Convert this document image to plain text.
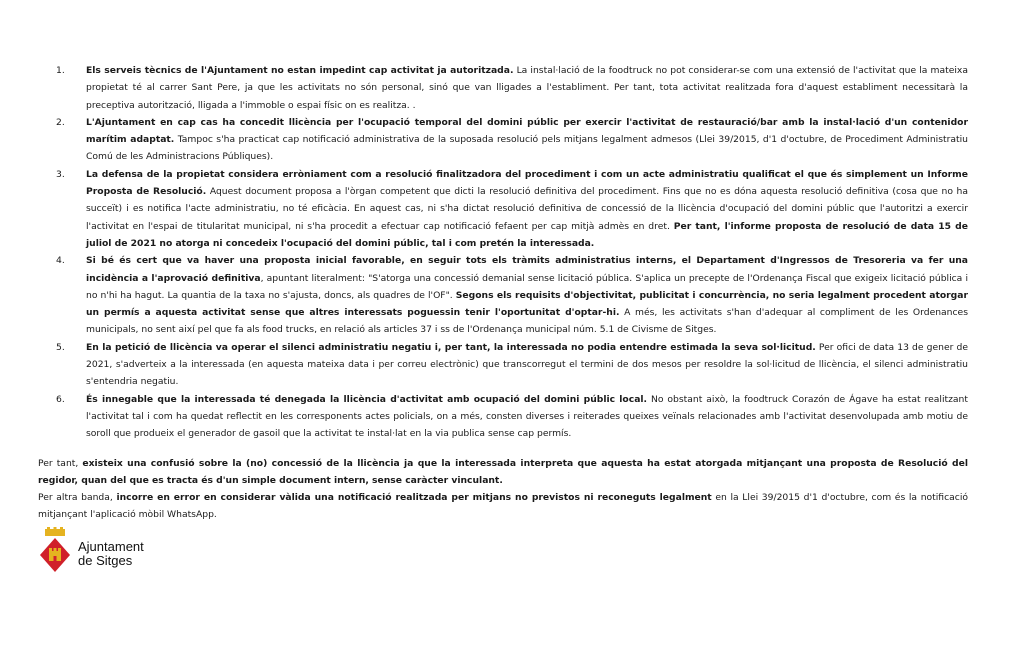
1. Els serveis tècnics de l'Ajuntament no estan impedint cap activitat ja autoritzada. La instal·lació de la foodtruck no pot considerar-se com una extensió de l'activitat que la mateixa propietat té al carrer Sant Pere, ja que les activitats no són personal, sinó que van lligades a l'establiment. Per tant, tota activitat realitzada fora d'aquest establiment necessitarà la preceptiva autorització, lligada a l'immoble o espai físic on es realitza. .
2. L'Ajuntament en cap cas ha concedit llicència per l'ocupació temporal del domini públic per exercir l'activitat de restauració/bar amb la instal·lació d'un contenidor marítim adaptat. Tampoc s'ha practicat cap notificació administrativa de la suposada resolució pels mitjans legalment admesos (Llei 39/2015, d'1 d'octubre, de Procediment Administratiu Comú de les Administracions Públiques).
3. La defensa de la propietat considera erròniament com a resolució finalitzadora del procediment i com un acte administratiu qualificat el que és simplement un Informe Proposta de Resolució. Aquest document proposa a l'òrgan competent que dicti la resolució definitiva del procediment. Fins que no es dóna aquesta resolució definitiva (cosa que no ha succeït) i es notifica l'acte administratiu, no té eficàcia. En aquest cas, ni s'ha dictat resolució definitiva de concessió de la llicència d'ocupació del domini públic que l'autoritzi a exercir l'activitat en l'espai de titularitat municipal, ni s'ha procedit a efectuar cap notificació fefaent per cap mitjà admès en dret. Per tant, l'informe proposta de resolució de data 15 de juliol de 2021 no atorga ni concedeix l'ocupació del domini públic, tal i com pretén la interessada.
4. Si bé és cert que va haver una proposta inicial favorable, en seguir tots els tràmits administratius interns, el Departament d'Ingressos de Tresoreria va fer una incidència a l'aprovació definitiva, apuntant literalment: "S'atorga una concessió demanial sense licitació pública. S'aplica un precepte de l'Ordenança Fiscal que exigeix licitació pública i no n'hi ha hagut. La quantia de la taxa no s'ajusta, doncs, als quadres de l'OF". Segons els requisits d'objectivitat, publicitat i concurrència, no seria legalment procedent atorgar un permís a aquesta activitat sense que altres interessats poguessin tenir l'oportunitat d'optar-hi. A més, les activitats s'han d'adequar al compliment de les Ordenances municipals, no sent així pel que fa als food trucks, en relació als articles 37 i ss de l'Ordenança municipal núm. 5.1 de Civisme de Sitges.
5. En la petició de llicència va operar el silenci administratiu negatiu i, per tant, la interessada no podia entendre estimada la seva sol·licitud. Per ofici de data 13 de gener de 2021, s'adverteix a la interessada (en aquesta mateixa data i per correu electrònic) que transcorregut el termini de dos mesos per resoldre la sol·licitud de llicència, el silenci administratiu s'entendria negatiu.
6. És innegable que la interessada té denegada la llicència d'activitat amb ocupació del domini públic local. No obstant això, la foodtruck Corazón de Ágave ha estat realitzant l'activitat tal i com ha quedat reflectit en les corresponents actes policials, on a més, consten diverses i reiterades queixes veïnals relacionades amb l'activitat desenvolupada amb motiu de soroll que produeix el generador de gasoil que la activitat te instal·lat en la via publica sense cap permís.

Per tant, existeix una confusió sobre la (no) concessió de la llicència ja que la interessada interpreta que aquesta ha estat atorgada mitjançant una proposta de Resolució del regidor, quan del que es tracta és d'un simple document intern, sense caràcter vinculant.

Per altra banda, incorre en error en considerar vàlida una notificació realitzada per mitjans no previstos ni reconeguts legalment en la Llei 39/2015 d'1 d'octubre, com és la notificació mitjançant l'aplicació mòbil WhatsApp.

Ajuntament
de Sitges
